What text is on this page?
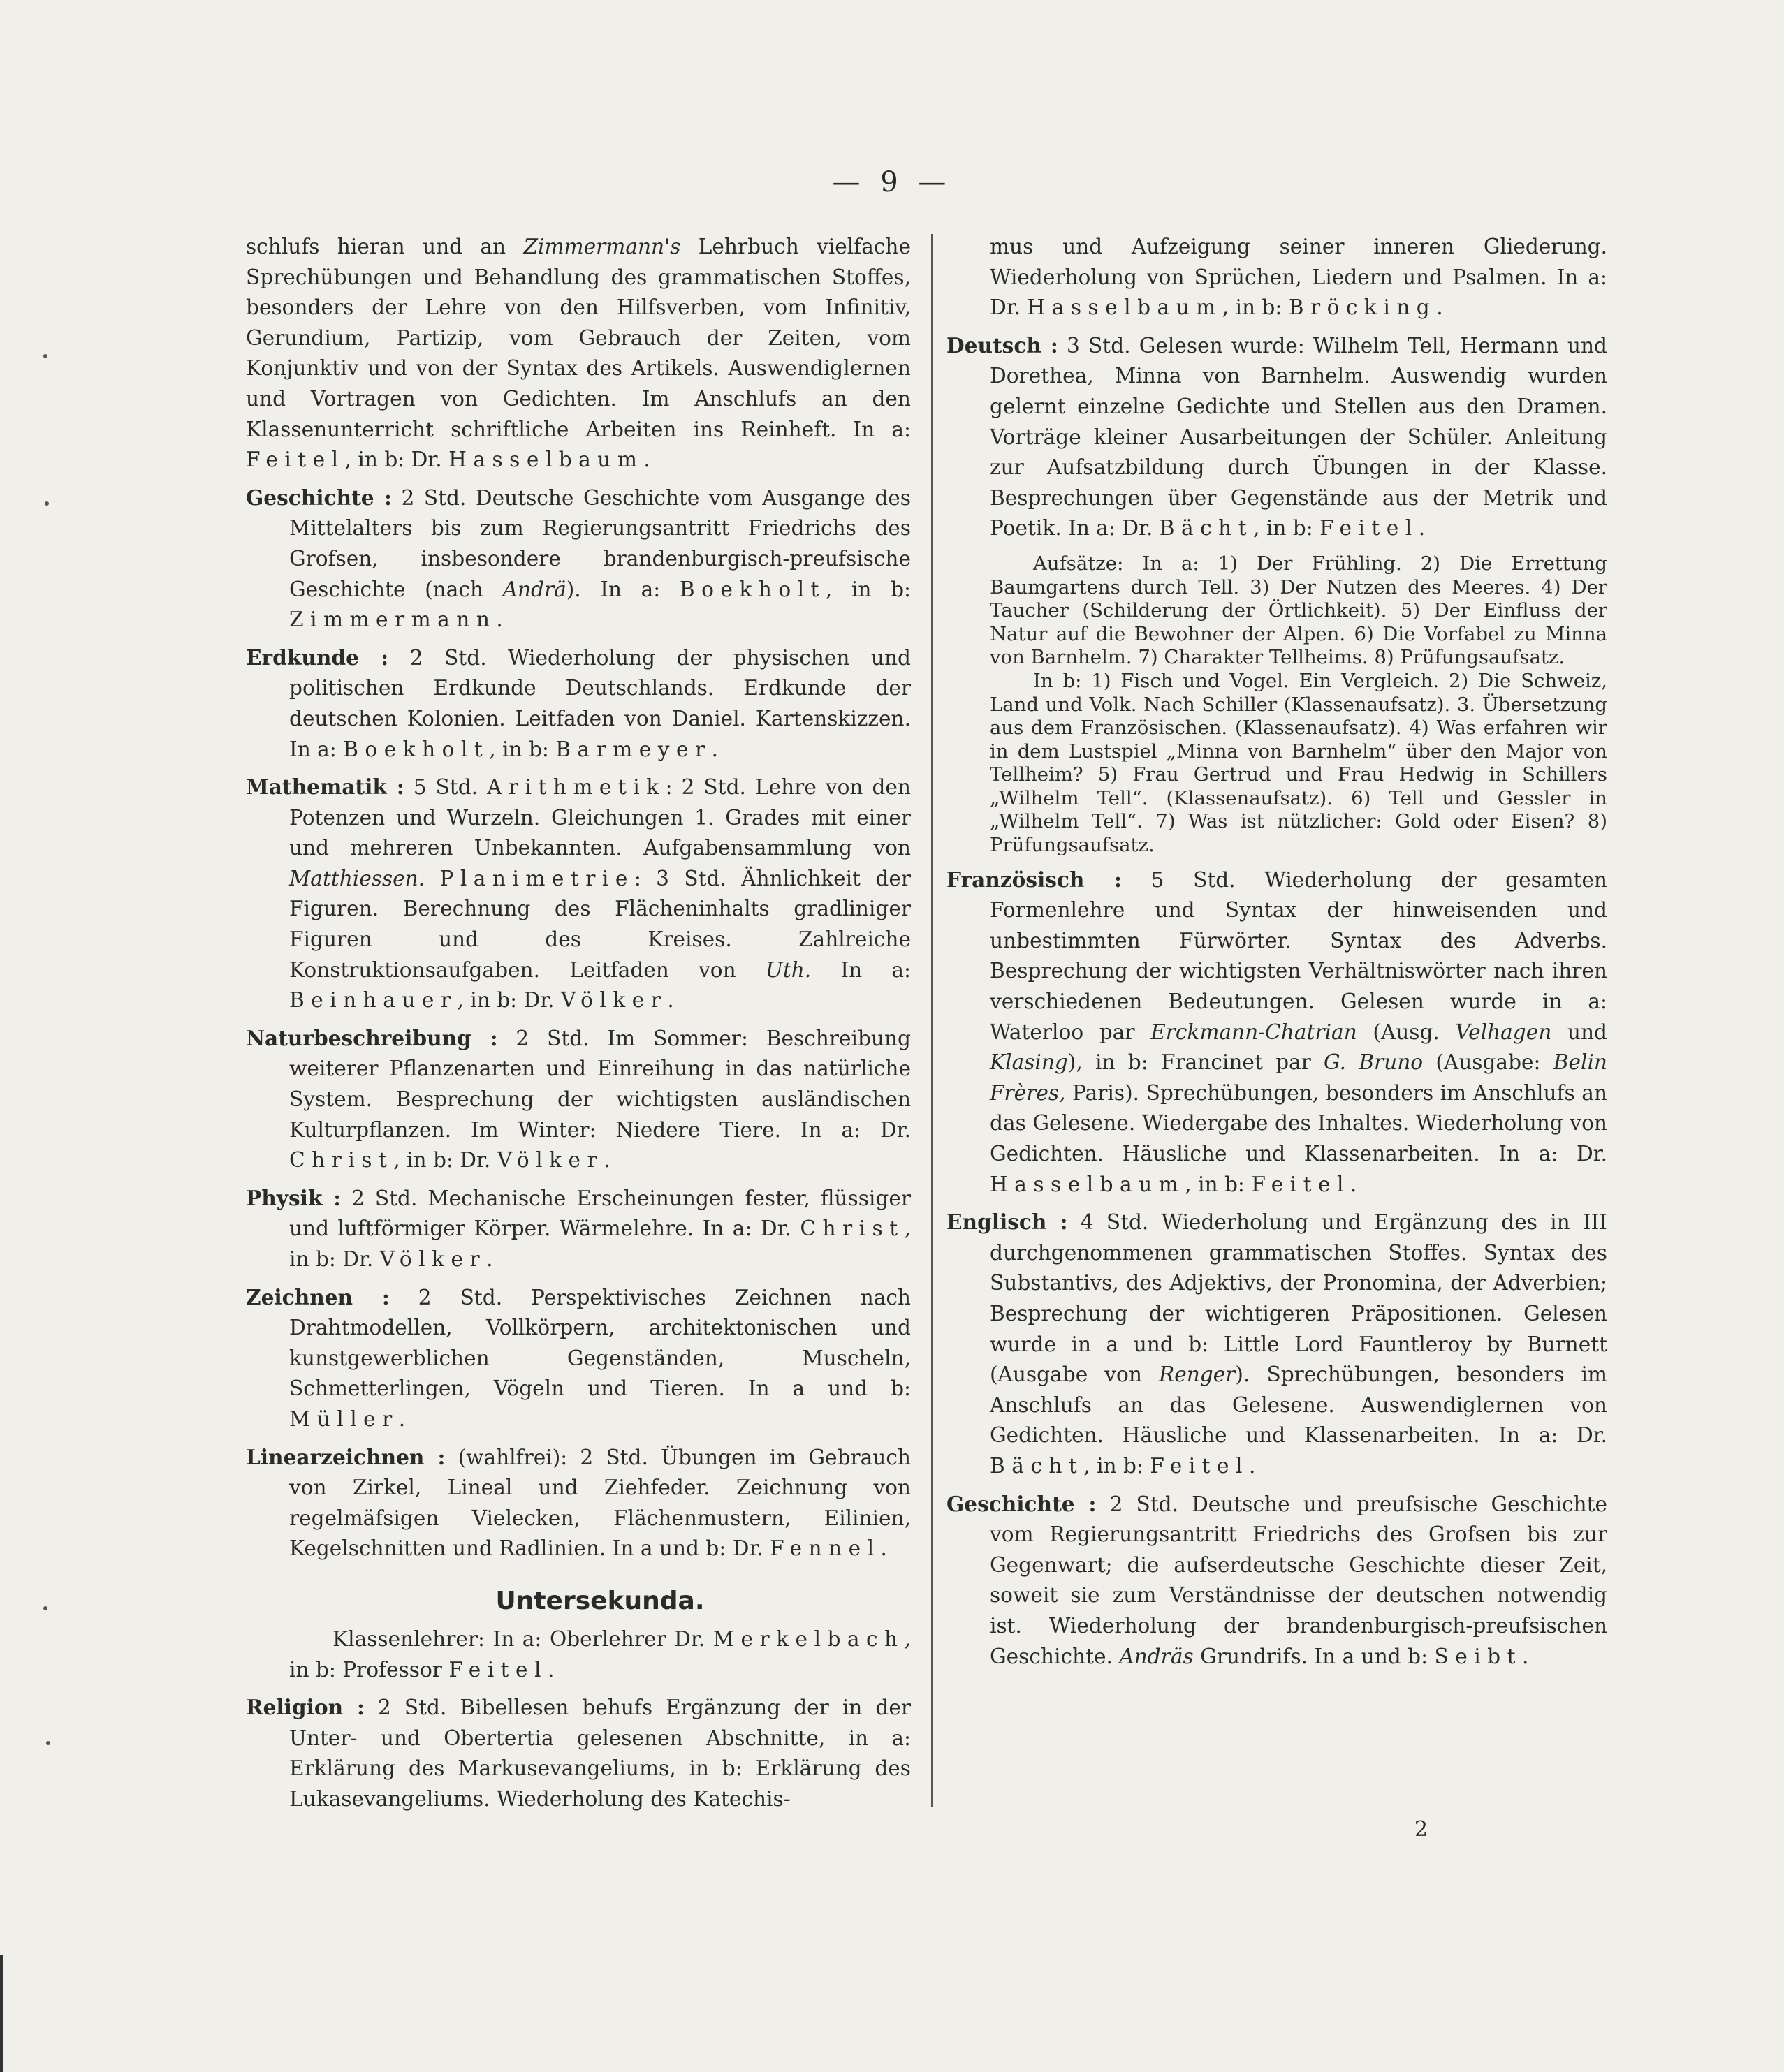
— 9 —

schlufs hieran und an Zimmermann's Lehrbuch vielfache Sprechübungen und Behandlung des grammatischen Stoffes, besonders der Lehre von den Hilfsverben, vom Infinitiv, Gerundium, Partizip, vom Gebrauch der Zeiten, vom Konjunktiv und von der Syntax des Artikels. Auswendiglernen und Vortragen von Gedichten. Im Anschlufs an den Klassenunterricht schriftliche Arbeiten ins Reinheft. In a: Feitel, in b: Dr. Hasselbaum.

Geschichte : 2 Std. Deutsche Geschichte vom Ausgange des Mittelalters bis zum Regierungsantritt Friedrichs des Grofsen, insbesondere brandenburgisch-preufsische Geschichte (nach Andrä). In a: Boekholt, in b: Zimmermann.

Erdkunde : 2 Std. Wiederholung der physischen und politischen Erdkunde Deutschlands. Erdkunde der deutschen Kolonien. Leitfaden von Daniel. Kartenskizzen. In a: Boekholt, in b: Barmeyer.

Mathematik : 5 Std. Arithmetik: 2 Std. Lehre von den Potenzen und Wurzeln. Gleichungen 1. Grades mit einer und mehreren Unbekannten. Aufgabensammlung von Matthiessen. Planimetrie: 3 Std. Ähnlichkeit der Figuren. Berechnung des Flächeninhalts gradliniger Figuren und des Kreises. Zahlreiche Konstruktionsaufgaben. Leitfaden von Uth. In a: Beinhauer, in b: Dr. Völker.

Naturbeschreibung : 2 Std. Im Sommer: Beschreibung weiterer Pflanzenarten und Einreihung in das natürliche System. Besprechung der wichtigsten ausländischen Kulturpflanzen. Im Winter: Niedere Tiere. In a: Dr. Christ, in b: Dr. Völker.

Physik : 2 Std. Mechanische Erscheinungen fester, flüssiger und luftförmiger Körper. Wärmelehre. In a: Dr. Christ, in b: Dr. Völker.

Zeichnen : 2 Std. Perspektivisches Zeichnen nach Drahtmodellen, Vollkörpern, architektonischen und kunstgewerblichen Gegenständen, Muscheln, Schmetterlingen, Vögeln und Tieren. In a und b: Müller.

Linearzeichnen : (wahlfrei): 2 Std. Übungen im Gebrauch von Zirkel, Lineal und Ziehfeder. Zeichnung von regelmäfsigen Vielecken, Flächenmustern, Eilinien, Kegelschnitten und Radlinien. In a und b: Dr. Fennel.

Untersekunda.

Klassenlehrer: In a: Oberlehrer Dr. Merkelbach, in b: Professor Feitel.

Religion : 2 Std. Bibellesen behufs Ergänzung der in der Unter- und Obertertia gelesenen Abschnitte, in a: Erklärung des Markusevangeliums, in b: Erklärung des Lukasevangeliums. Wiederholung des Katechis-

mus und Aufzeigung seiner inneren Gliederung. Wiederholung von Sprüchen, Liedern und Psalmen. In a: Dr. Hasselbaum, in b: Bröcking.

Deutsch : 3 Std. Gelesen wurde: Wilhelm Tell, Hermann und Dorethea, Minna von Barnhelm. Auswendig wurden gelernt einzelne Gedichte und Stellen aus den Dramen. Vorträge kleiner Ausarbeitungen der Schüler. Anleitung zur Aufsatzbildung durch Übungen in der Klasse. Besprechungen über Gegenstände aus der Metrik und Poetik. In a: Dr. Bächt, in b: Feitel.

Aufsätze: In a: 1) Der Frühling. 2) Die Errettung Baumgartens durch Tell. 3) Der Nutzen des Meeres. 4) Der Taucher (Schilderung der Örtlichkeit). 5) Der Einfluss der Natur auf die Bewohner der Alpen. 6) Die Vorfabel zu Minna von Barnhelm. 7) Charakter Tellheims. 8) Prüfungsaufsatz.

In b: 1) Fisch und Vogel. Ein Vergleich. 2) Die Schweiz, Land und Volk. Nach Schiller (Klassenaufsatz). 3. Übersetzung aus dem Französischen. (Klassenaufsatz). 4) Was erfahren wir in dem Lustspiel „Minna von Barnhelm“ über den Major von Tellheim? 5) Frau Gertrud und Frau Hedwig in Schillers „Wilhelm Tell“. (Klassenaufsatz). 6) Tell und Gessler in „Wilhelm Tell“. 7) Was ist nützlicher: Gold oder Eisen? 8) Prüfungsaufsatz.

Französisch : 5 Std. Wiederholung der gesamten Formenlehre und Syntax der hinweisenden und unbestimmten Fürwörter. Syntax des Adverbs. Besprechung der wichtigsten Verhältniswörter nach ihren verschiedenen Bedeutungen. Gelesen wurde in a: Waterloo par Erckmann-Chatrian (Ausg. Velhagen und Klasing), in b: Francinet par G. Bruno (Ausgabe: Belin Frères, Paris). Sprechübungen, besonders im Anschlufs an das Gelesene. Wiedergabe des Inhaltes. Wiederholung von Gedichten. Häusliche und Klassenarbeiten. In a: Dr. Hasselbaum, in b: Feitel.

Englisch : 4 Std. Wiederholung und Ergänzung des in III durchgenommenen grammatischen Stoffes. Syntax des Substantivs, des Adjektivs, der Pronomina, der Adverbien; Besprechung der wichtigeren Präpositionen. Gelesen wurde in a und b: Little Lord Fauntleroy by Burnett (Ausgabe von Renger). Sprechübungen, besonders im Anschlufs an das Gelesene. Auswendiglernen von Gedichten. Häusliche und Klassenarbeiten. In a: Dr. Bächt, in b: Feitel.

Geschichte : 2 Std. Deutsche und preufsische Geschichte vom Regierungsantritt Friedrichs des Grofsen bis zur Gegenwart; die aufserdeutsche Geschichte dieser Zeit, soweit sie zum Verständnisse der deutschen notwendig ist. Wiederholung der brandenburgisch-preufsischen Geschichte. Andräs Grundrifs. In a und b: Seibt.

2
